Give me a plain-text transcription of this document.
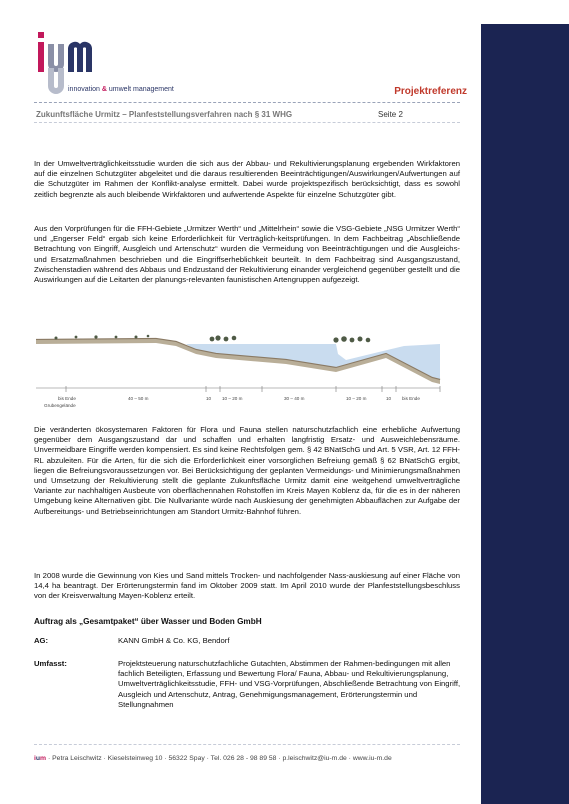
innovation & umwelt management	Projektreferenz
Zukunftsfläche Urmitz – Planfeststellungsverfahren nach § 31 WHG	Seite 2
In der Umweltverträglichkeitsstudie wurden die sich aus der Abbau- und Rekultivierungsplanung ergebenden Wirkfaktoren auf die einzelnen Schutzgüter abgeleitet und die daraus resultierenden Beeinträchtigungen/Auswirkungen/Aufwertungen auf die Schutzgüter im Rahmen der Konflikt-analyse ermittelt. Dabei wurde projektspezifisch berücksichtigt, dass es sowohl zeitlich begrenzte als auch bleibende Wirkfaktoren und aufwertende Aspekte für einzelne Schutzgüter gibt.
Aus den Vorprüfungen für die FFH-Gebiete „Urmitzer Werth“ und „Mittelrhein“ sowie die VSG-Gebiete „NSG Urmitzer Werth“ und „Engerser Feld“ ergab sich keine Erforderlichkeit für Verträglich-keitsprüfungen. In dem Fachbeitrag „Abschließende Betrachtung von Eingriff, Ausgleich und Artenschutz“ wurden die Vermeidung von Beeinträchtigungen und die Ausgleichs- und Ersatzmaßnahmen beschrieben und die Eingriffserheblichkeit beurteilt. In dem Fachbeitrag sind Ausgangszustand, Zwischenstadien während des Abbaus und Endzustand der Rekultivierung einander vergleichend gegenüber gestellt und die Auswirkungen auf die Leitarten der planungs-relevanten faunistischen Artengruppen aufgezeigt.
bis Ende
Grubengelände
40 – 50 m	10 10 – 20 m	30 – 40 m	10 – 20 m	10 bis Ende
Die veränderten ökosystemaren Faktoren für Flora und Fauna stellen naturschutzfachlich eine erhebliche Aufwertung gegenüber dem Ausgangszustand dar und schaffen und erhalten langfristig Ersatz- und Ausweichlebensräume. Unvermeidbare Eingriffe werden kompensiert. Es sind keine Rechtsfolgen gem. § 42 BNatSchG und Art. 5 VSR, Art. 12 FFH-RL abzuleiten. Für die Arten, für die sich die Erforderlichkeit einer vorsorglichen Befreiung gemäß § 62 BNatSchG ergibt, liegen die Befreiungsvoraussetzungen vor. Bei Berücksichtigung der geplanten Vermeidungs- und Minimierungsmaßnahmen und Umsetzung der Rekultivierung stellt die geplante Zukunftsfläche Urmitz damit eine weitgehend umweltverträgliche Variante zur nachhaltigen Ausbeute von oberflächennahen Rohstoffen im Kreis Mayen Koblenz da, für die es in der näheren Umgebung keine Alternativen gibt. Die Nullvariante würde nach Auskiesung der genehmigten Abbauflächen zur Aufgabe der Aufbereitungs- und Betriebseinrichtungen am Standort Urmitz-Bahnhof führen.
In 2008 wurde die Gewinnung von Kies und Sand mittels Trocken- und nachfolgender Nass-auskiesung auf einer Fläche von 14,4 ha beantragt. Der Erörterungstermin fand im Oktober 2009 statt. Im April 2010 wurde der Planfeststellungsbeschluss von der Kreisverwaltung Mayen-Koblenz erteilt.
Auftrag als „Gesamtpaket“ über Wasser und Boden GmbH
AG:	KANN GmbH & Co. KG, Bendorf
Umfasst:	Projektsteuerung naturschutzfachliche Gutachten, Abstimmen der Rahmen-bedingungen mit allen fachlich Beteiligten, Erfassung und Bewertung Flora/ Fauna, Abbau- und Rekultivierungsplanung, Umweltverträglichkeitsstudie, FFH- und VSG-Vorprüfungen, Abschließende Betrachtung von Eingriff, Ausgleich und Artenschutz, Antrag, Genehmigungsmanagement, Erörterungstermin und Stellungnahmen
ium · Petra Leischwitz · Kieselsteinweg 10 · 56322 Spay · Tel. 026 28 - 98 89 58 · p.leischwitz@iu-m.de · www.iu-m.de
